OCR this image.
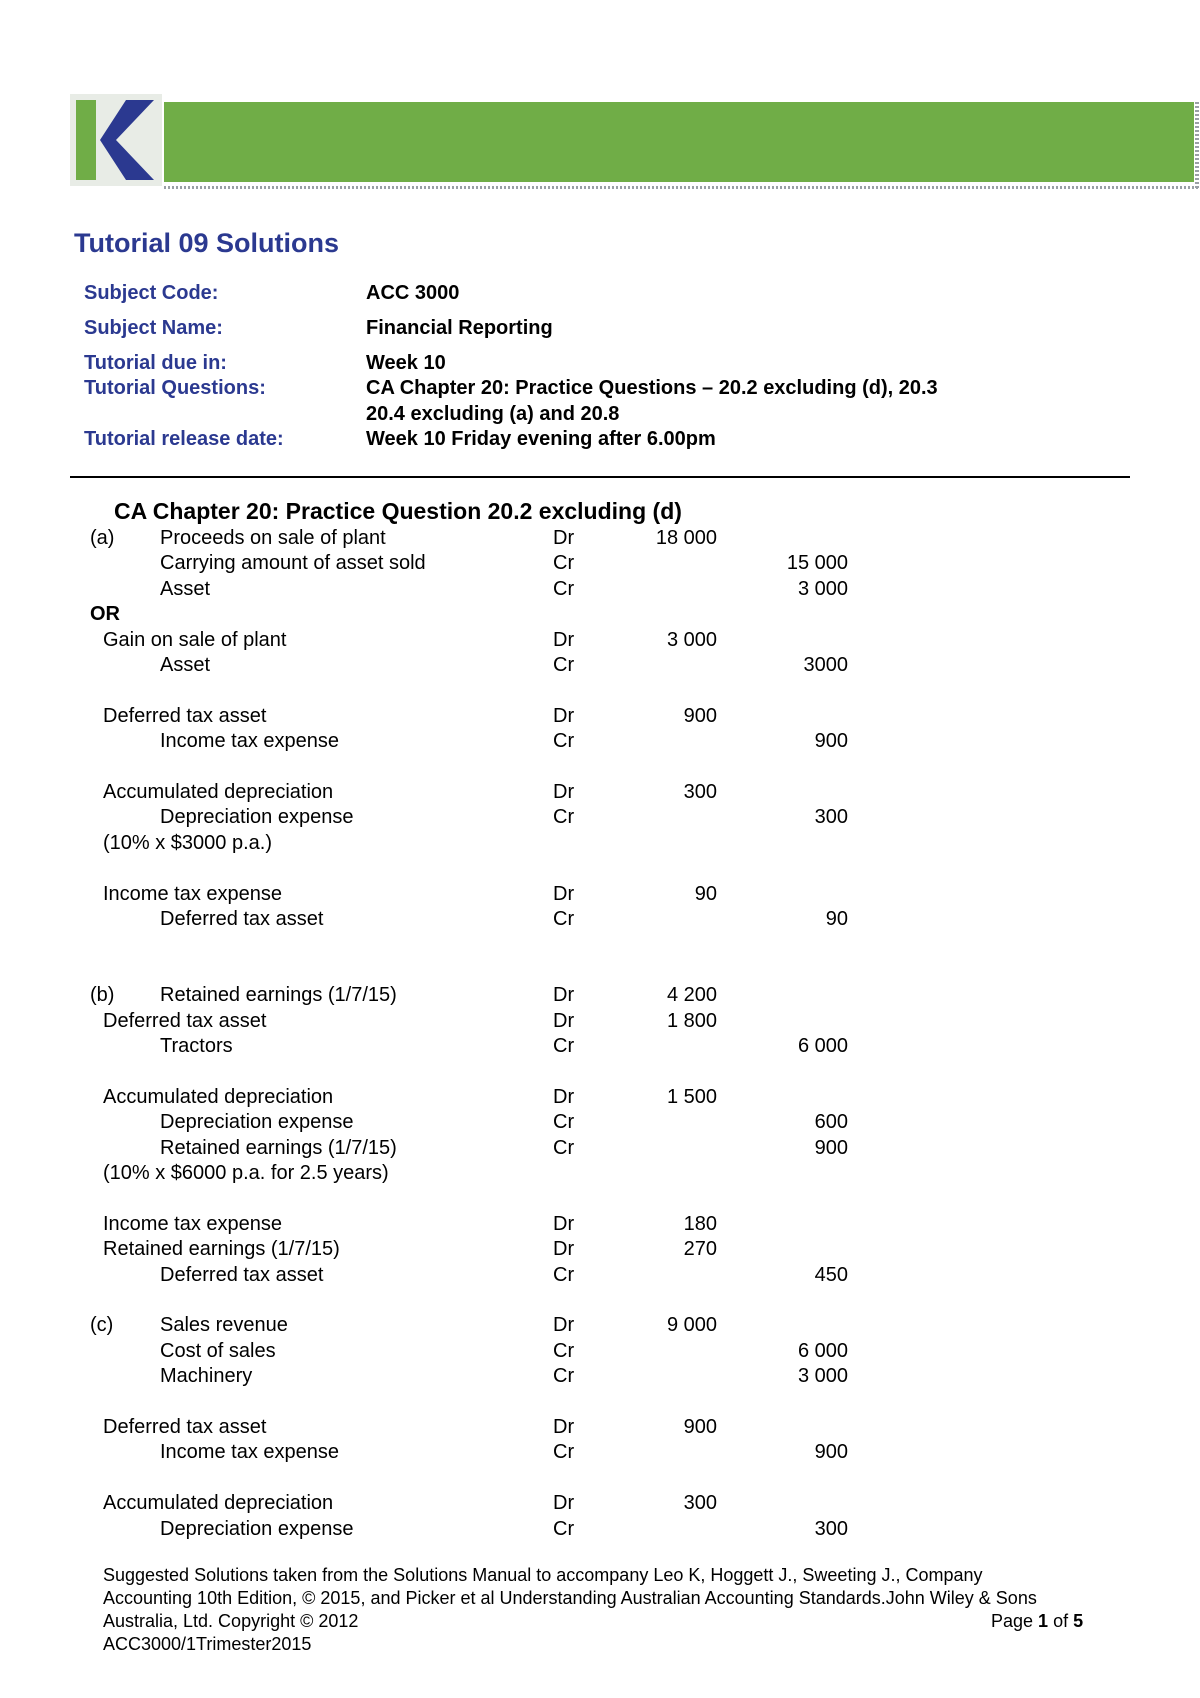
Tutorial 09 Solutions
Subject Code:	ACC 3000
Subject Name:	Financial Reporting
Tutorial due in:	Week 10
Tutorial Questions:	CA Chapter 20: Practice Questions – 20.2 excluding (d), 20.3
20.4 excluding (a) and 20.8
Tutorial release date:	Week 10 Friday evening after 6.00pm
CA Chapter 20: Practice Question 20.2 excluding (d)
(a) Proceeds on sale of plant	Dr	18 000
Carrying amount of asset sold	Cr	15 000
Asset	Cr	3 000
OR
Gain on sale of plant	Dr	3 000
Asset	Cr	3000
Deferred tax asset	Dr	900
Income tax expense	Cr	900
Accumulated depreciation	Dr	300
Depreciation expense	Cr	300
(10% x $3000 p.a.)
Income tax expense	Dr	90
Deferred tax asset	Cr	90
(b) Retained earnings (1/7/15)	Dr	4 200
Deferred tax asset	Dr	1 800
Tractors	Cr	6 000
Accumulated depreciation	Dr	1 500
Depreciation expense	Cr	600
Retained earnings (1/7/15)	Cr	900
(10% x $6000 p.a. for 2.5 years)
Income tax expense	Dr	180
Retained earnings (1/7/15)	Dr	270
Deferred tax asset	Cr	450
(c) Sales revenue	Dr	9 000
Cost of sales	Cr	6 000
Machinery	Cr	3 000
Deferred tax asset	Dr	900
Income tax expense	Cr	900
Accumulated depreciation	Dr	300
Depreciation expense	Cr	300
Suggested Solutions taken from the Solutions Manual to accompany Leo K, Hoggett J., Sweeting J., Company
Accounting 10th Edition, © 2015, and Picker et al Understanding Australian Accounting Standards.John Wiley & Sons
Australia, Ltd. Copyright © 2012	Page 1 of 5
ACC3000/1Trimester2015
